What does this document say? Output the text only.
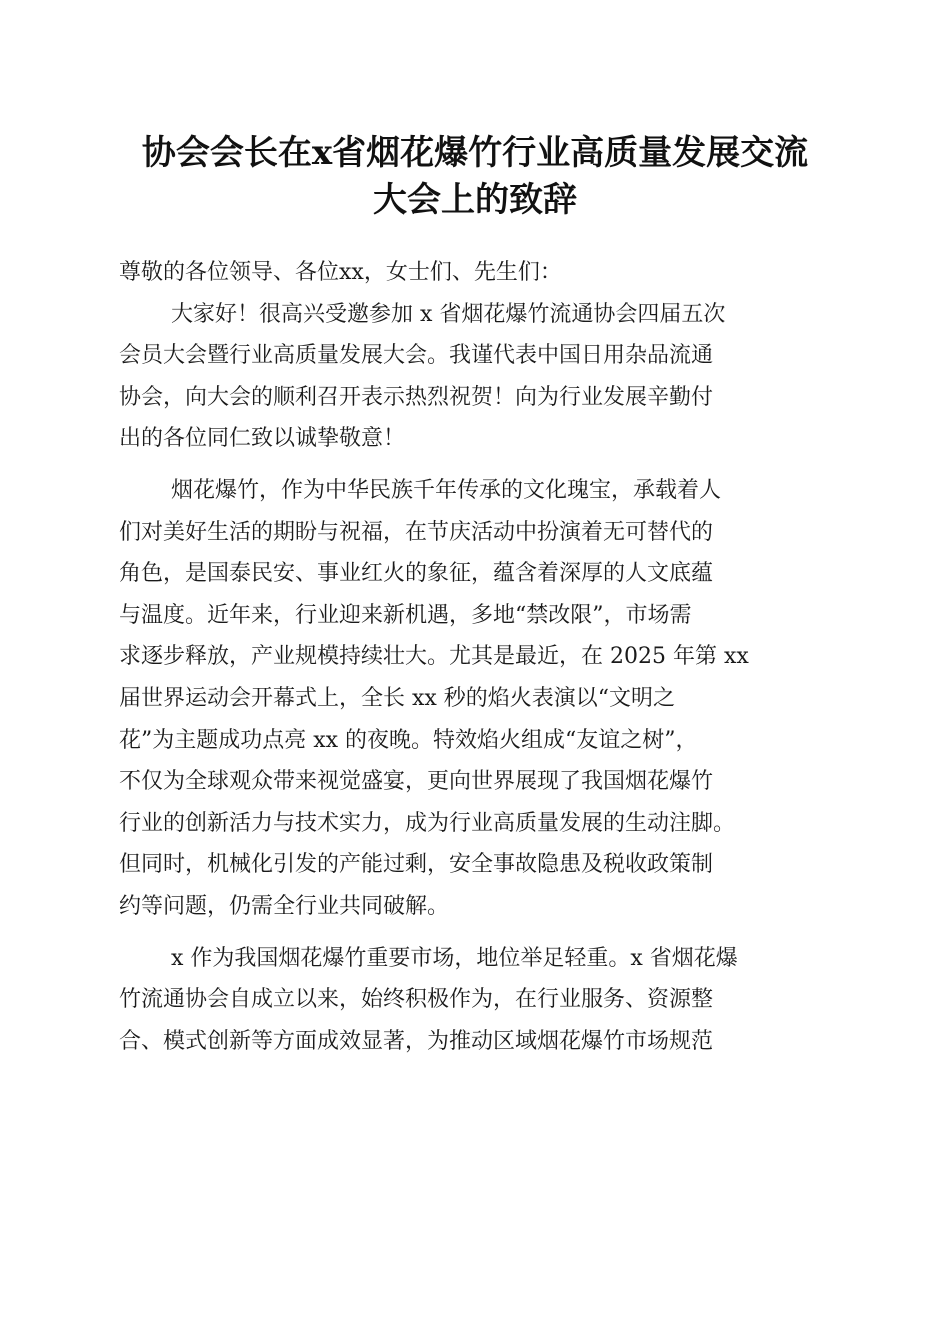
协会会长在x省烟花爆竹行业高质量发展交流
大会上的致辞
尊敬的各位领导、各位xx，女士们、先生们：
大家好！很高兴受邀参加 x 省烟花爆竹流通协会四届五次
会员大会暨行业高质量发展大会。我谨代表中国日用杂品流通
协会，向大会的顺利召开表示热烈祝贺！向为行业发展辛勤付
出的各位同仁致以诚挚敬意！
烟花爆竹，作为中华民族千年传承的文化瑰宝，承载着人
们对美好生活的期盼与祝福，在节庆活动中扮演着无可替代的
角色，是国泰民安、事业红火的象征，蕴含着深厚的人文底蕴
与温度。近年来，行业迎来新机遇，多地“禁改限”，市场需
求逐步释放，产业规模持续壮大。尤其是最近，在 2025 年第 xx
届世界运动会开幕式上，全长 xx 秒的焰火表演以“文明之
花”为主题成功点亮 xx 的夜晚。特效焰火组成“友谊之树”，
不仅为全球观众带来视觉盛宴，更向世界展现了我国烟花爆竹
行业的创新活力与技术实力，成为行业高质量发展的生动注脚。
但同时，机械化引发的产能过剩，安全事故隐患及税收政策制
约等问题，仍需全行业共同破解。
x 作为我国烟花爆竹重要市场，地位举足轻重。x 省烟花爆
竹流通协会自成立以来，始终积极作为，在行业服务、资源整
合、模式创新等方面成效显著，为推动区域烟花爆竹市场规范
